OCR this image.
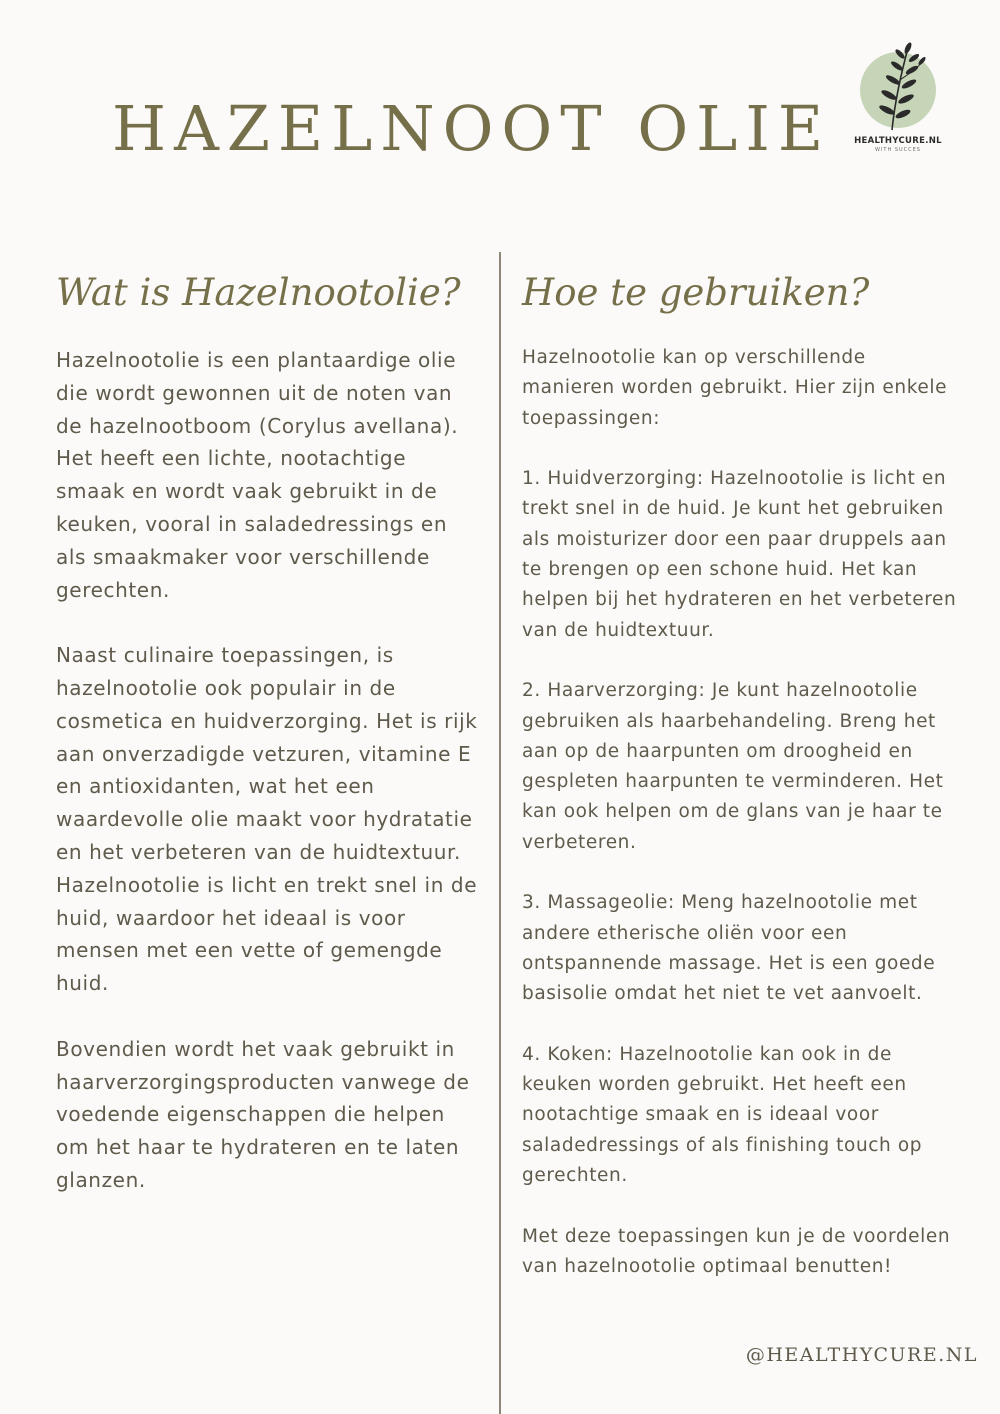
HAZELNOOT OLIE	HEALTHYCURE.NL
WITH SUCCES
Wat is Hazelnootolie?

Hazelnootolie is een plantaardige olie die wordt gewonnen uit de noten van de hazelnootboom (Corylus avellana). Het heeft een lichte, nootachtige smaak en wordt vaak gebruikt in de keuken, vooral in saladedressings en als smaakmaker voor verschillende gerechten.

Naast culinaire toepassingen, is hazelnootolie ook populair in de cosmetica en huidverzorging. Het is rijk aan onverzadigde vetzuren, vitamine E en antioxidanten, wat het een waardevolle olie maakt voor hydratatie en het verbeteren van de huidtextuur. Hazelnootolie is licht en trekt snel in de huid, waardoor het ideaal is voor mensen met een vette of gemengde huid.

Bovendien wordt het vaak gebruikt in haarverzorgingsproducten vanwege de voedende eigenschappen die helpen om het haar te hydrateren en te laten glanzen.

Hoe te gebruiken?

Hazelnootolie kan op verschillende manieren worden gebruikt. Hier zijn enkele toepassingen:

1. Huidverzorging: Hazelnootolie is licht en trekt snel in de huid. Je kunt het gebruiken als moisturizer door een paar druppels aan te brengen op een schone huid. Het kan helpen bij het hydrateren en het verbeteren van de huidtextuur.

2. Haarverzorging: Je kunt hazelnootolie gebruiken als haarbehandeling. Breng het aan op de haarpunten om droogheid en gespleten haarpunten te verminderen. Het kan ook helpen om de glans van je haar te verbeteren.

3. Massageolie: Meng hazelnootolie met andere etherische oliën voor een ontspannende massage. Het is een goede basisolie omdat het niet te vet aanvoelt.

4. Koken: Hazelnootolie kan ook in de keuken worden gebruikt. Het heeft een nootachtige smaak en is ideaal voor saladedressings of als finishing touch op gerechten.

Met deze toepassingen kun je de voordelen van hazelnootolie optimaal benutten!

@HEALTHYCURE.NL
